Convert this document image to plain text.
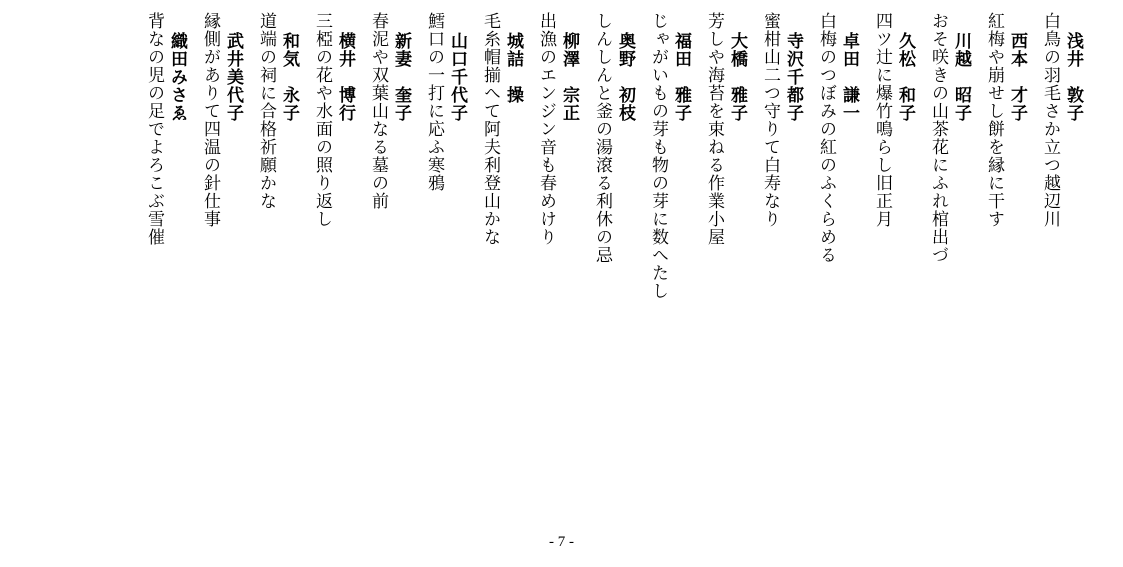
浅井　敦子
白鳥の羽毛さか立つ越辺川
西本　才子
紅梅や崩せし餅を縁に干す
川越　昭子
おそ咲きの山茶花にふれ棺出づ
久松　和子
四ツ辻に爆竹鳴らし旧正月
卓田　謙一
白梅のつぼみの紅のふくらめる
寺沢千都子
蜜柑山二つ守りて白寿なり
大橋　雅子
芳しや海苔を束ねる作業小屋
福田　雅子
じゃがいもの芽も物の芽に数へたし
奥野　初枝
しんしんと釜の湯滾る利休の忌
柳澤　宗正
出漁のエンジン音も春めけり
城詰　操
毛糸帽揃へて阿夫利登山かな
山口千代子
鱈口の一打に応ふ寒鴉
新妻　奎子
春泥や双葉山なる墓の前
横井　博行
三椏の花や水面の照り返し
和気　永子
道端の祠に合格祈願かな
武井美代子
縁側がありて四温の針仕事
織田みさゑ
背なの児の足でよろこぶ雪催
- 7 -
